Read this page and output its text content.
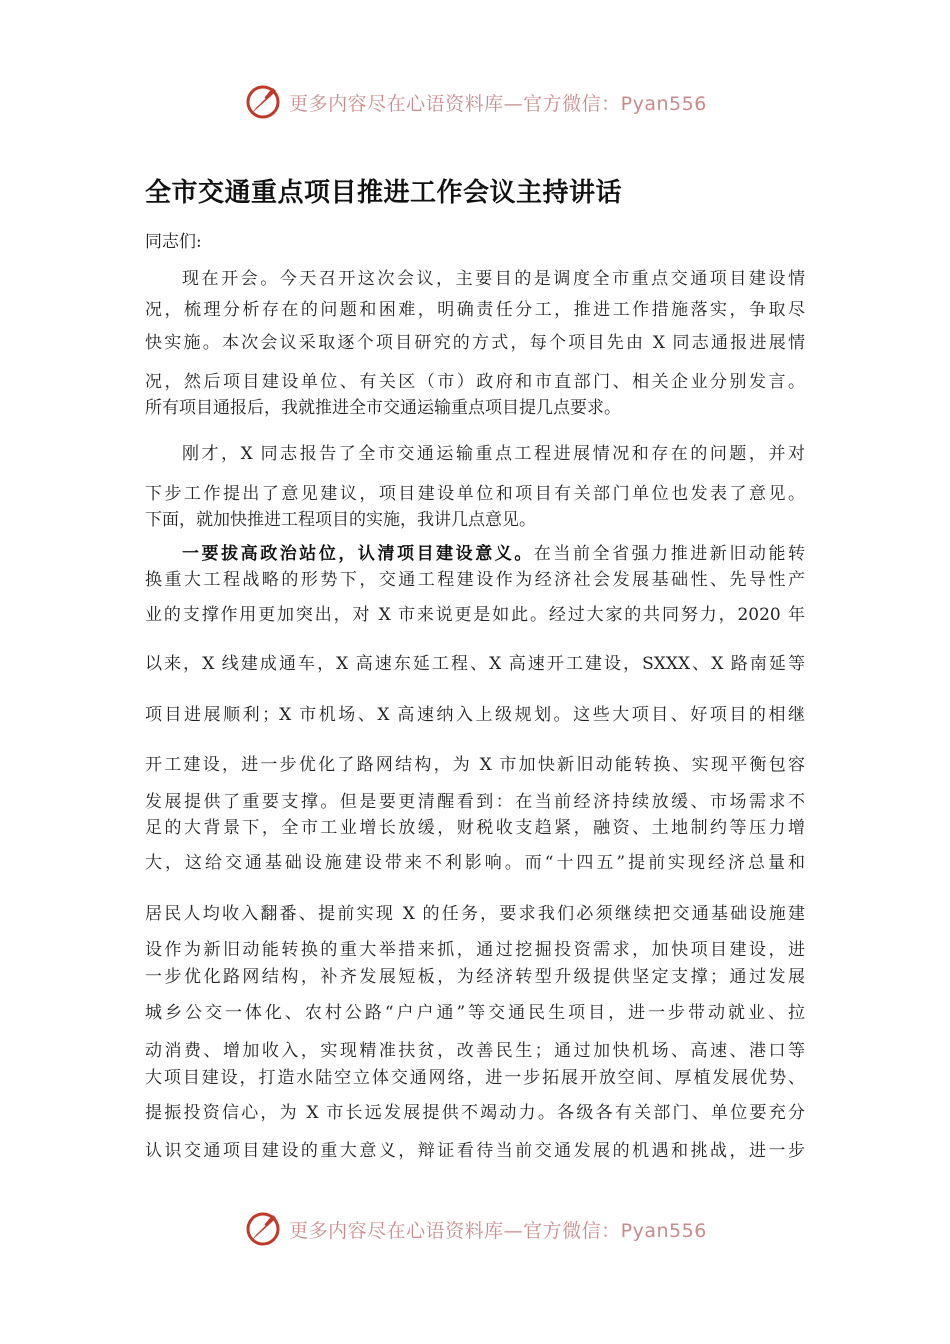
更多内容尽在心语资料库—官方微信：Pyan556
全市交通重点项目推进工作会议主持讲话
同志们:
现在开会。今天召开这次会议，主要目的是调度全市重点交通项目建设情
况，梳理分析存在的问题和困难，明确责任分工，推进工作措施落实，争取尽
快实施。本次会议采取逐个项目研究的方式，每个项目先由 X 同志通报进展情
况，然后项目建设单位、有关区（市）政府和市直部门、相关企业分别发言。
所有项目通报后，我就推进全市交通运输重点项目提几点要求。
刚才，X 同志报告了全市交通运输重点工程进展情况和存在的问题，并对
下步工作提出了意见建议，项目建设单位和项目有关部门单位也发表了意见。
下面，就加快推进工程项目的实施，我讲几点意见。
一要拔高政治站位，认清项目建设意义。在当前全省强力推进新旧动能转
换重大工程战略的形势下，交通工程建设作为经济社会发展基础性、先导性产
业的支撑作用更加突出，对 X 市来说更是如此。经过大家的共同努力，2020 年
以来，X 线建成通车，X 高速东延工程、X 高速开工建设，SXXX、X 路南延等
项目进展顺利；X 市机场、X 高速纳入上级规划。这些大项目、好项目的相继
开工建设，进一步优化了路网结构，为 X 市加快新旧动能转换、实现平衡包容
发展提供了重要支撑。但是要更清醒看到：在当前经济持续放缓、市场需求不
足的大背景下，全市工业增长放缓，财税收支趋紧，融资、土地制约等压力增
大，这给交通基础设施建设带来不利影响。而“十四五”提前实现经济总量和
居民人均收入翻番、提前实现 X 的任务，要求我们必须继续把交通基础设施建
设作为新旧动能转换的重大举措来抓，通过挖掘投资需求，加快项目建设，进
一步优化路网结构，补齐发展短板，为经济转型升级提供坚定支撑；通过发展
城乡公交一体化、农村公路“户户通”等交通民生项目，进一步带动就业、拉
动消费、增加收入，实现精准扶贫，改善民生；通过加快机场、高速、港口等
大项目建设，打造水陆空立体交通网络，进一步拓展开放空间、厚植发展优势、
提振投资信心，为 X 市长远发展提供不竭动力。各级各有关部门、单位要充分
认识交通项目建设的重大意义，辩证看待当前交通发展的机遇和挑战，进一步
更多内容尽在心语资料库—官方微信：Pyan556
